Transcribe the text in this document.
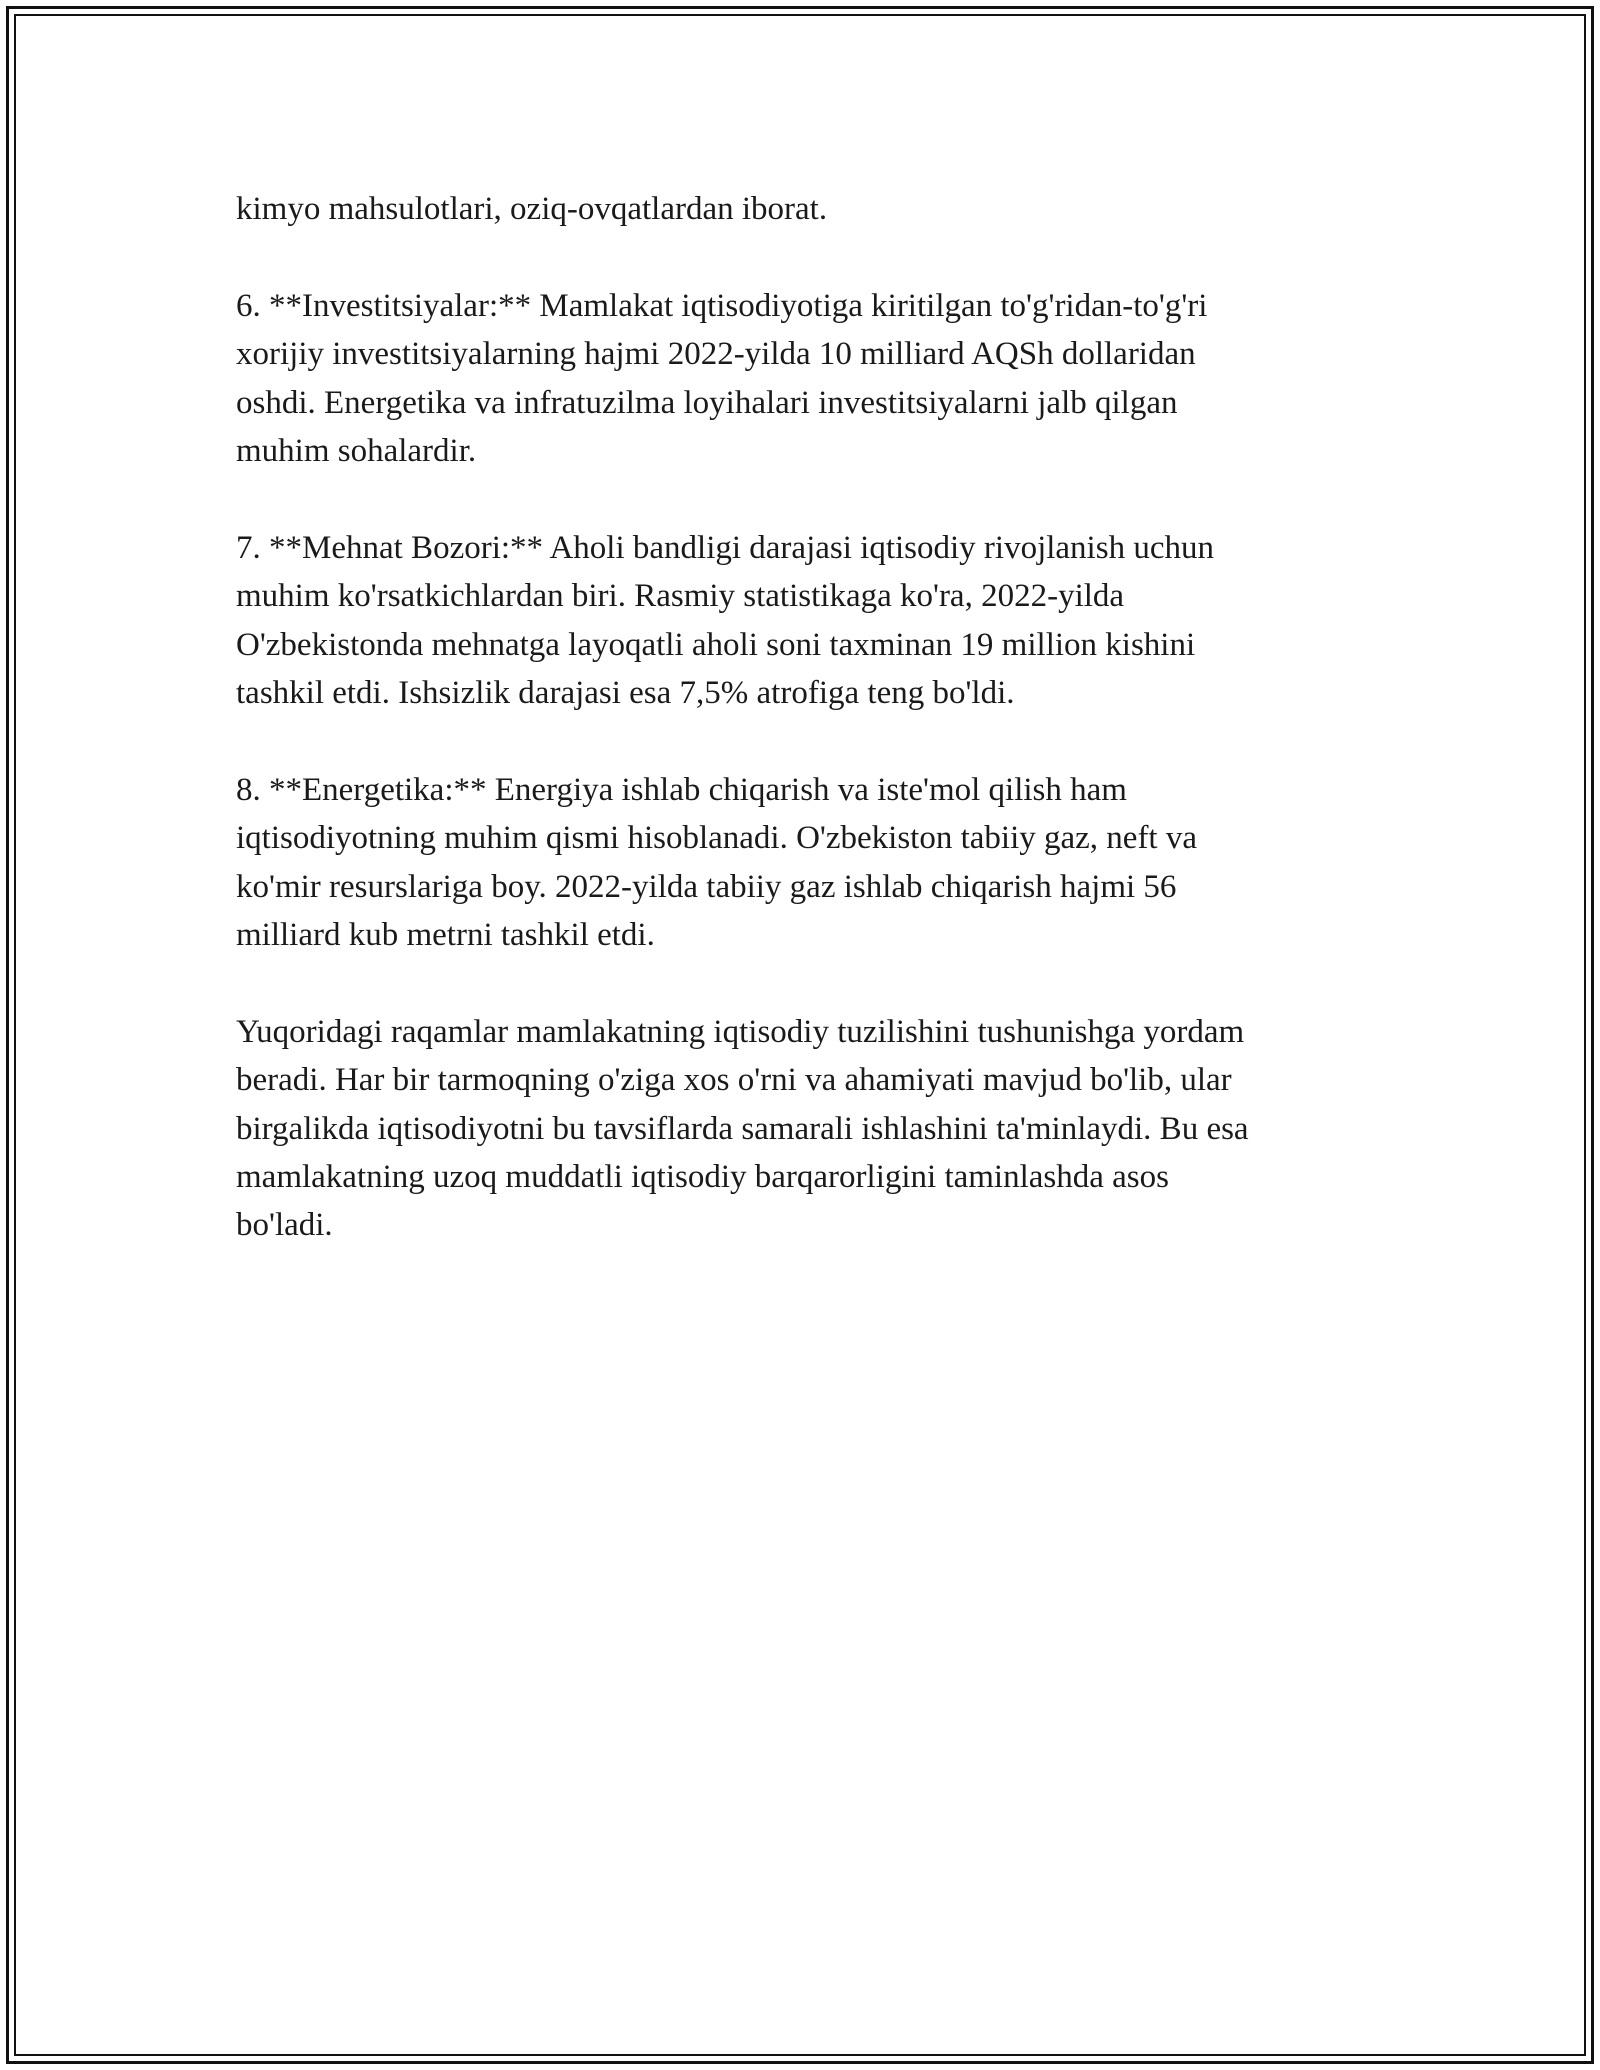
kimyo mahsulotlari, oziq-ovqatlardan iborat.

6. **Investitsiyalar:** Mamlakat iqtisodiyotiga kiritilgan to'g'ridan-to'g'ri
xorijiy investitsiyalarning hajmi 2022-yilda 10 milliard AQSh dollaridan
oshdi. Energetika va infratuzilma loyihalari investitsiyalarni jalb qilgan
muhim sohalardir.

7. **Mehnat Bozori:** Aholi bandligi darajasi iqtisodiy rivojlanish uchun
muhim ko'rsatkichlardan biri. Rasmiy statistikaga ko'ra, 2022-yilda
O'zbekistonda mehnatga layoqatli aholi soni taxminan 19 million kishini
tashkil etdi. Ishsizlik darajasi esa 7,5% atrofiga teng bo'ldi.

8. **Energetika:** Energiya ishlab chiqarish va iste'mol qilish ham
iqtisodiyotning muhim qismi hisoblanadi. O'zbekiston tabiiy gaz, neft va
ko'mir resurslariga boy. 2022-yilda tabiiy gaz ishlab chiqarish hajmi 56
milliard kub metrni tashkil etdi.

Yuqoridagi raqamlar mamlakatning iqtisodiy tuzilishini tushunishga yordam
beradi. Har bir tarmoqning o'ziga xos o'rni va ahamiyati mavjud bo'lib, ular
birgalikda iqtisodiyotni bu tavsiflarda samarali ishlashini ta'minlaydi. Bu esa
mamlakatning uzoq muddatli iqtisodiy barqarorligini taminlashda asos
bo'ladi.
